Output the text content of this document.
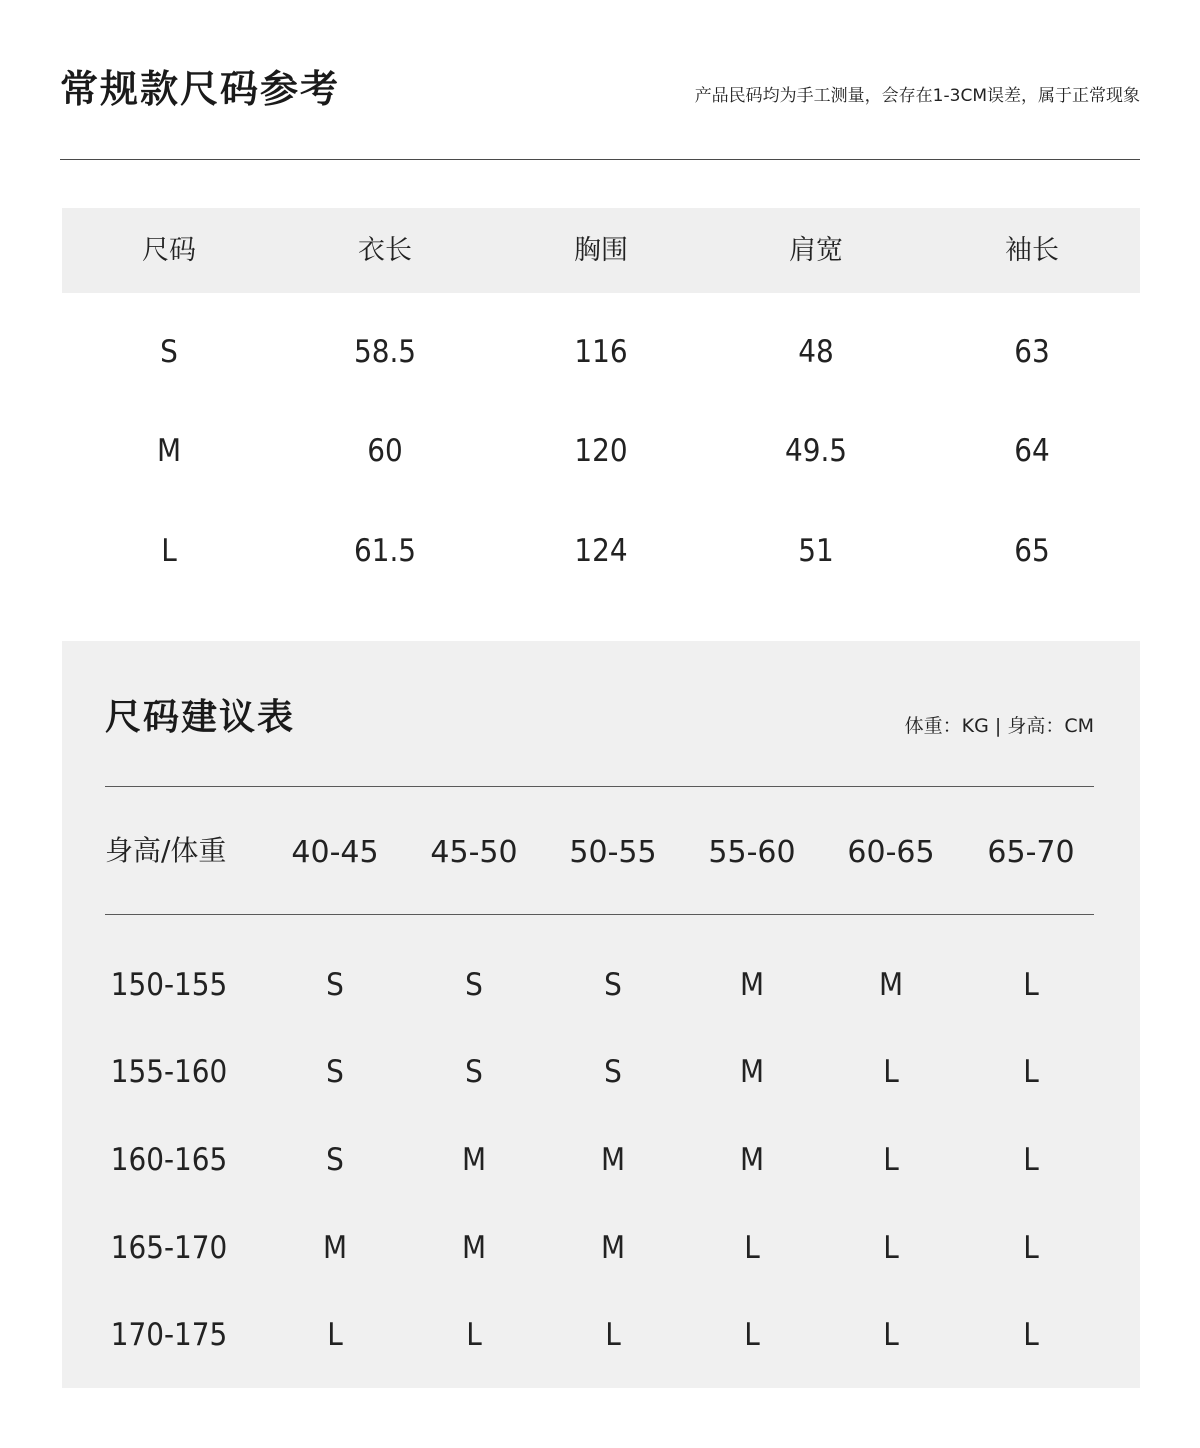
常规款尺码参考	产品民码均为手工测量，会存在1-3CM误差，属于正常现象
尺码	衣长	胸围	肩宽	袖长
S	58.5	116	48	63
M	60	120	49.5	64
L	61.5	124	51	65
尺码建议表	体重：KG | 身高：CM
身高/体重 40-45 45-50 50-55 55-60 60-65 65-70
150-155	S	S	S	M	M	L
155-160	S	S	S	M	L	L
160-165	S	M	M	M	L	L
165-170	M	M	M	L	L	L
170-175	L	L	L	L	L	L
